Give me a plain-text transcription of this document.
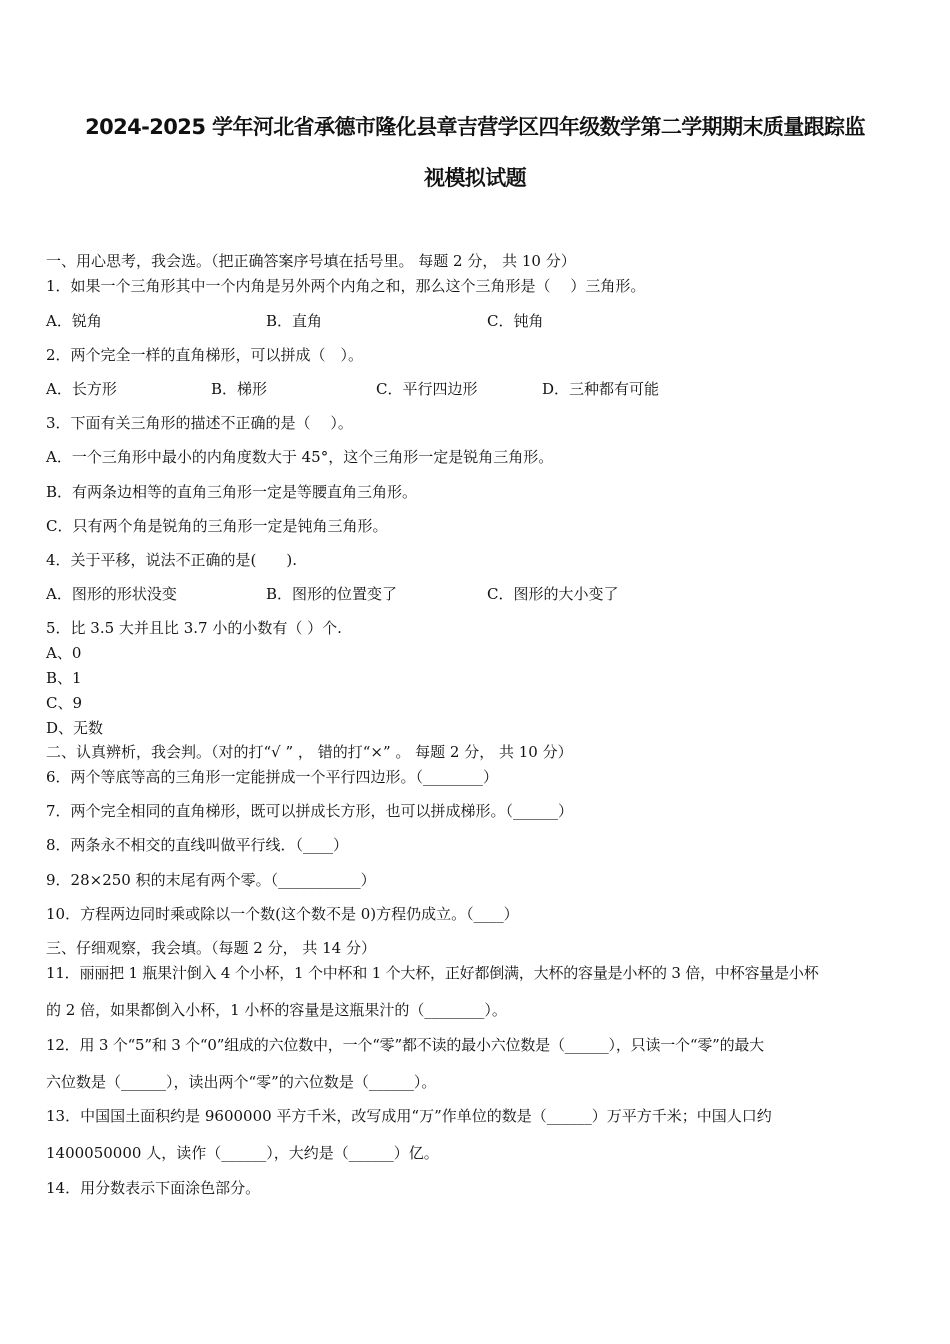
2024-2025 学年河北省承德市隆化县章吉营学区四年级数学第二学期期末质量跟踪监
视模拟试题
一、用心思考，我会选。（把正确答案序号填在括号里。 每题 2 分， 共 10 分）
1．如果一个三角形其中一个内角是另外两个内角之和，那么这个三角形是（　 ）三角形。
A．锐角	B．直角	C．钝角
2．两个完全一样的直角梯形，可以拼成（　）。
A．长方形	B．梯形	C．平行四边形	D．三种都有可能
3．下面有关三角形的描述不正确的是（　 ）。
A．一个三角形中最小的内角度数大于 45°，这个三角形一定是锐角三角形。
B．有两条边相等的直角三角形一定是等腰直角三角形。
C．只有两个角是锐角的三角形一定是钝角三角形。
4．关于平移，说法不正确的是(　　).
A．图形的形状没变	B．图形的位置变了	C．图形的大小变了
5．比 3.5 大并且比 3.7 小的小数有（ ）个.
A、0
B、1
C、9
D、无数
二、认真辨析，我会判。（对的打“√ ” ， 错的打“×” 。 每题 2 分， 共 10 分）
6．两个等底等高的三角形一定能拼成一个平行四边形。（________）
7．两个完全相同的直角梯形，既可以拼成长方形，也可以拼成梯形。（______）
8．两条永不相交的直线叫做平行线．（____）
9．28×250 积的末尾有两个零。（___________）
10．方程两边同时乘或除以一个数(这个数不是 0)方程仍成立。（____）
三、仔细观察，我会填。（每题 2 分， 共 14 分）
11．丽丽把 1 瓶果汁倒入 4 个小杯，1 个中杯和 1 个大杯，正好都倒满，大杯的容量是小杯的 3 倍，中杯容量是小杯
的 2 倍，如果都倒入小杯，1 小杯的容量是这瓶果汁的（________）。
12．用 3 个“5”和 3 个“0”组成的六位数中，一个“零”都不读的最小六位数是（______），只读一个“零”的最大
六位数是（______），读出两个“零”的六位数是（______）。
13．中国国土面积约是 9600000 平方千米，改写成用“万”作单位的数是（______）万平方千米；中国人口约
1400050000 人，读作（______），大约是（______）亿。
14．用分数表示下面涂色部分。
